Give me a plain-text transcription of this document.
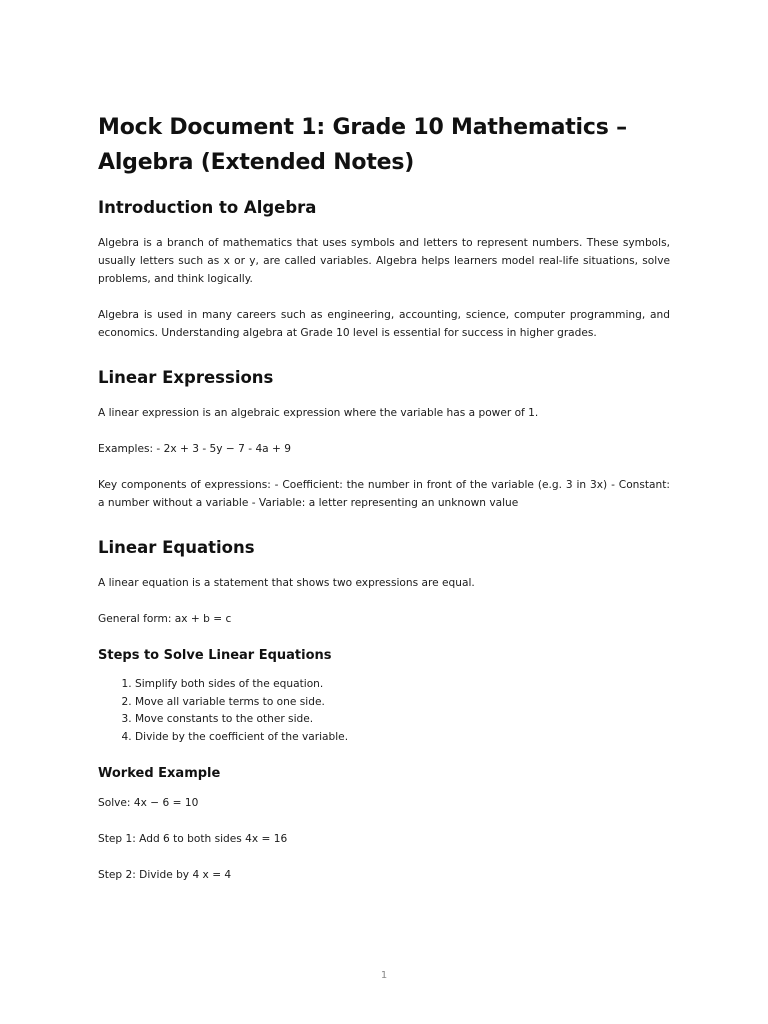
Mock Document 1: Grade 10 Mathematics – Algebra (Extended Notes)
Introduction to Algebra

Algebra is a branch of mathematics that uses symbols and letters to represent numbers. These symbols, usually letters such as x or y, are called variables. Algebra helps learners model real-life situations, solve problems, and think logically.

Algebra is used in many careers such as engineering, accounting, science, computer programming, and economics. Understanding algebra at Grade 10 level is essential for success in higher grades.

Linear Expressions

A linear expression is an algebraic expression where the variable has a power of 1.

Examples: - 2x + 3 - 5y − 7 - 4a + 9

Key components of expressions: - Coefficient: the number in front of the variable (e.g. 3 in 3x) - Constant: a number without a variable - Variable: a letter representing an unknown value

Linear Equations

A linear equation is a statement that shows two expressions are equal.

General form: ax + b = c

Steps to Solve Linear Equations
1. Simplify both sides of the equation.
2. Move all variable terms to one side.
3. Move constants to the other side.
4. Divide by the coefficient of the variable.
Worked Example

Solve: 4x − 6 = 10

Step 1: Add 6 to both sides 4x = 16

Step 2: Divide by 4 x = 4

1
